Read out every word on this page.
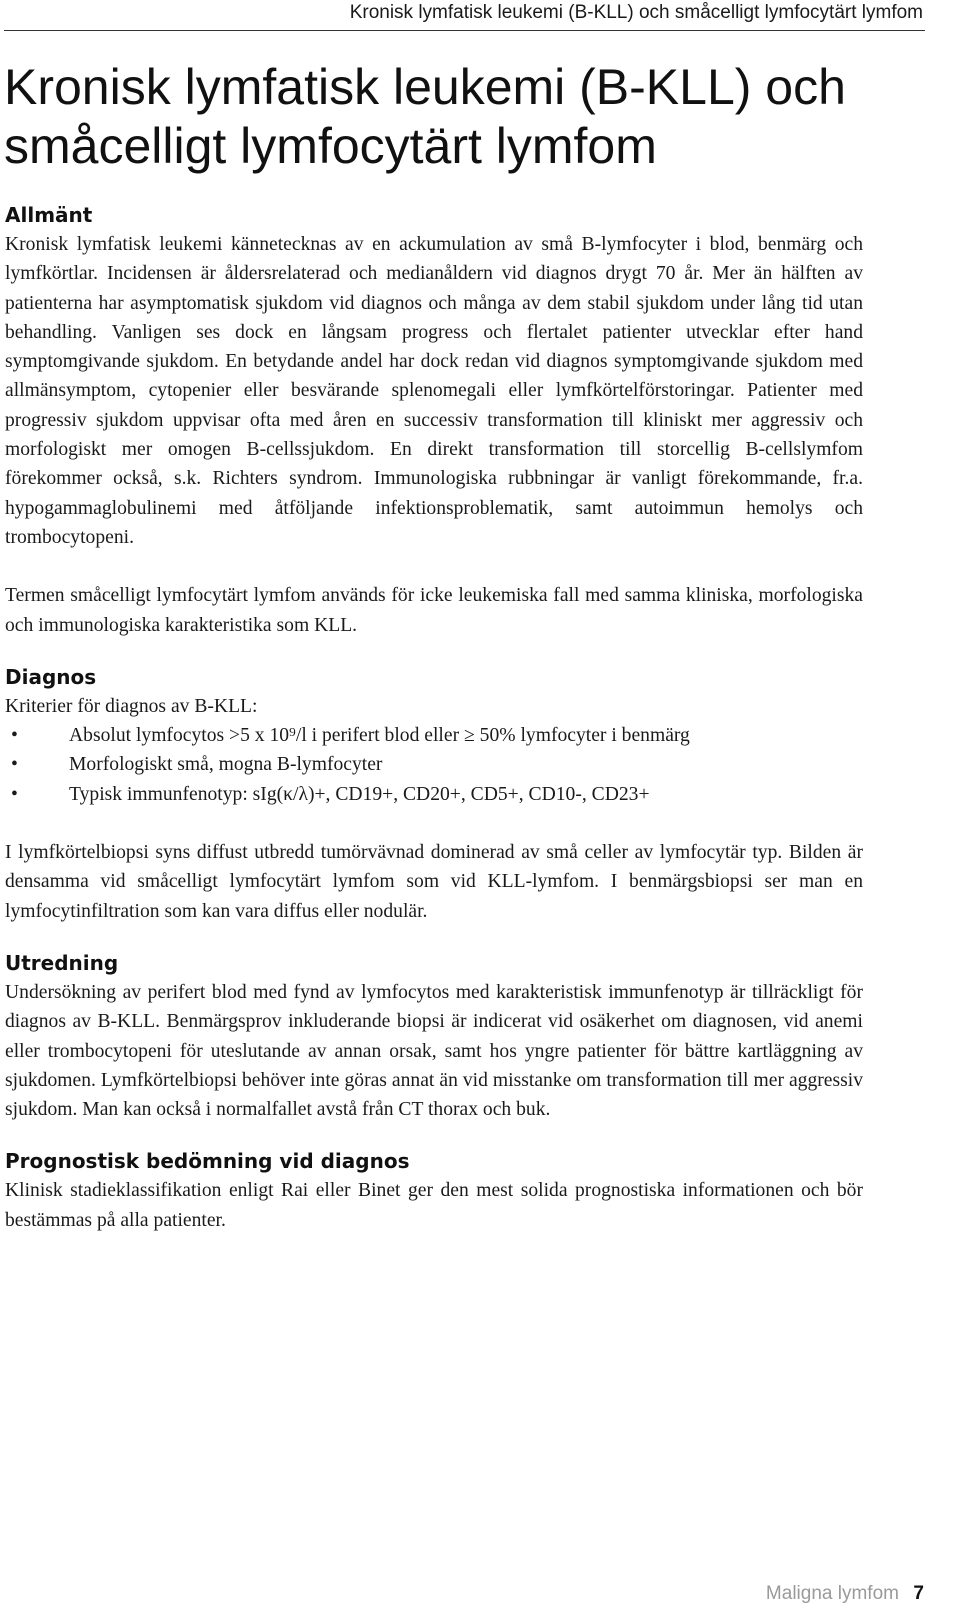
Kronisk lymfatisk leukemi (B-KLL) och småcelligt lymfocytärt lymfom
Kronisk lymfatisk leukemi (B-KLL) och småcelligt lymfocytärt lymfom
Allmänt

Kronisk lymfatisk leukemi kännetecknas av en ackumulation av små B-lymfocyter i blod, benmärg och lymfkörtlar. Incidensen är åldersrelaterad och medianåldern vid diagnos drygt 70 år. Mer än hälften av patienterna har asymptomatisk sjukdom vid diagnos och många av dem stabil sjukdom under lång tid utan behandling. Vanligen ses dock en långsam progress och flertalet patienter utvecklar efter hand symptomgivande sjukdom. En betydande andel har dock redan vid diagnos symptomgivande sjukdom med allmänsymptom, cytopenier eller besvärande splenomegali eller lymfkörtelförstoringar. Patienter med progressiv sjukdom uppvisar ofta med åren en successiv transformation till kliniskt mer aggressiv och morfologiskt mer omogen B-cellssjukdom. En direkt transformation till storcellig B-cellslymfom förekommer också, s.k. Richters syndrom. Immunologiska rubbningar är vanligt förekommande, fr.a. hypogammaglobulinemi med åtföljande infektionsproblematik, samt autoimmun hemolys och trombocytopeni.

Termen småcelligt lymfocytärt lymfom används för icke leukemiska fall med samma kliniska, morfologiska och immunologiska karakteristika som KLL.

Diagnos

Kriterier för diagnos av B-KLL:

•	Absolut lymfocytos >5 x 10⁹/l i perifert blod eller ≥ 50% lymfocyter i benmärg
•	Morfologiskt små, mogna B-lymfocyter
•	Typisk immunfenotyp: sIg(κ/λ)+, CD19+, CD20+, CD5+, CD10-, CD23+

I lymfkörtelbiopsi syns diffust utbredd tumörvävnad dominerad av små celler av lymfocytär typ. Bilden är densamma vid småcelligt lymfocytärt lymfom som vid KLL-lymfom. I benmärgsbiopsi ser man en lymfocytinfiltration som kan vara diffus eller nodulär.

Utredning

Undersökning av perifert blod med fynd av lymfocytos med karakteristisk immunfenotyp är tillräckligt för diagnos av B-KLL. Benmärgsprov inkluderande biopsi är indicerat vid osäkerhet om diagnosen, vid anemi eller trombocytopeni för uteslutande av annan orsak, samt hos yngre patienter för bättre kartläggning av sjukdomen. Lymfkörtelbiopsi behöver inte göras annat än vid misstanke om transformation till mer aggressiv sjukdom. Man kan också i normalfallet avstå från CT thorax och buk.

Prognostisk bedömning vid diagnos

Klinisk stadieklassifikation enligt Rai eller Binet ger den mest solida prognostiska informationen och bör bestämmas på alla patienter.

Maligna lymfom 7
